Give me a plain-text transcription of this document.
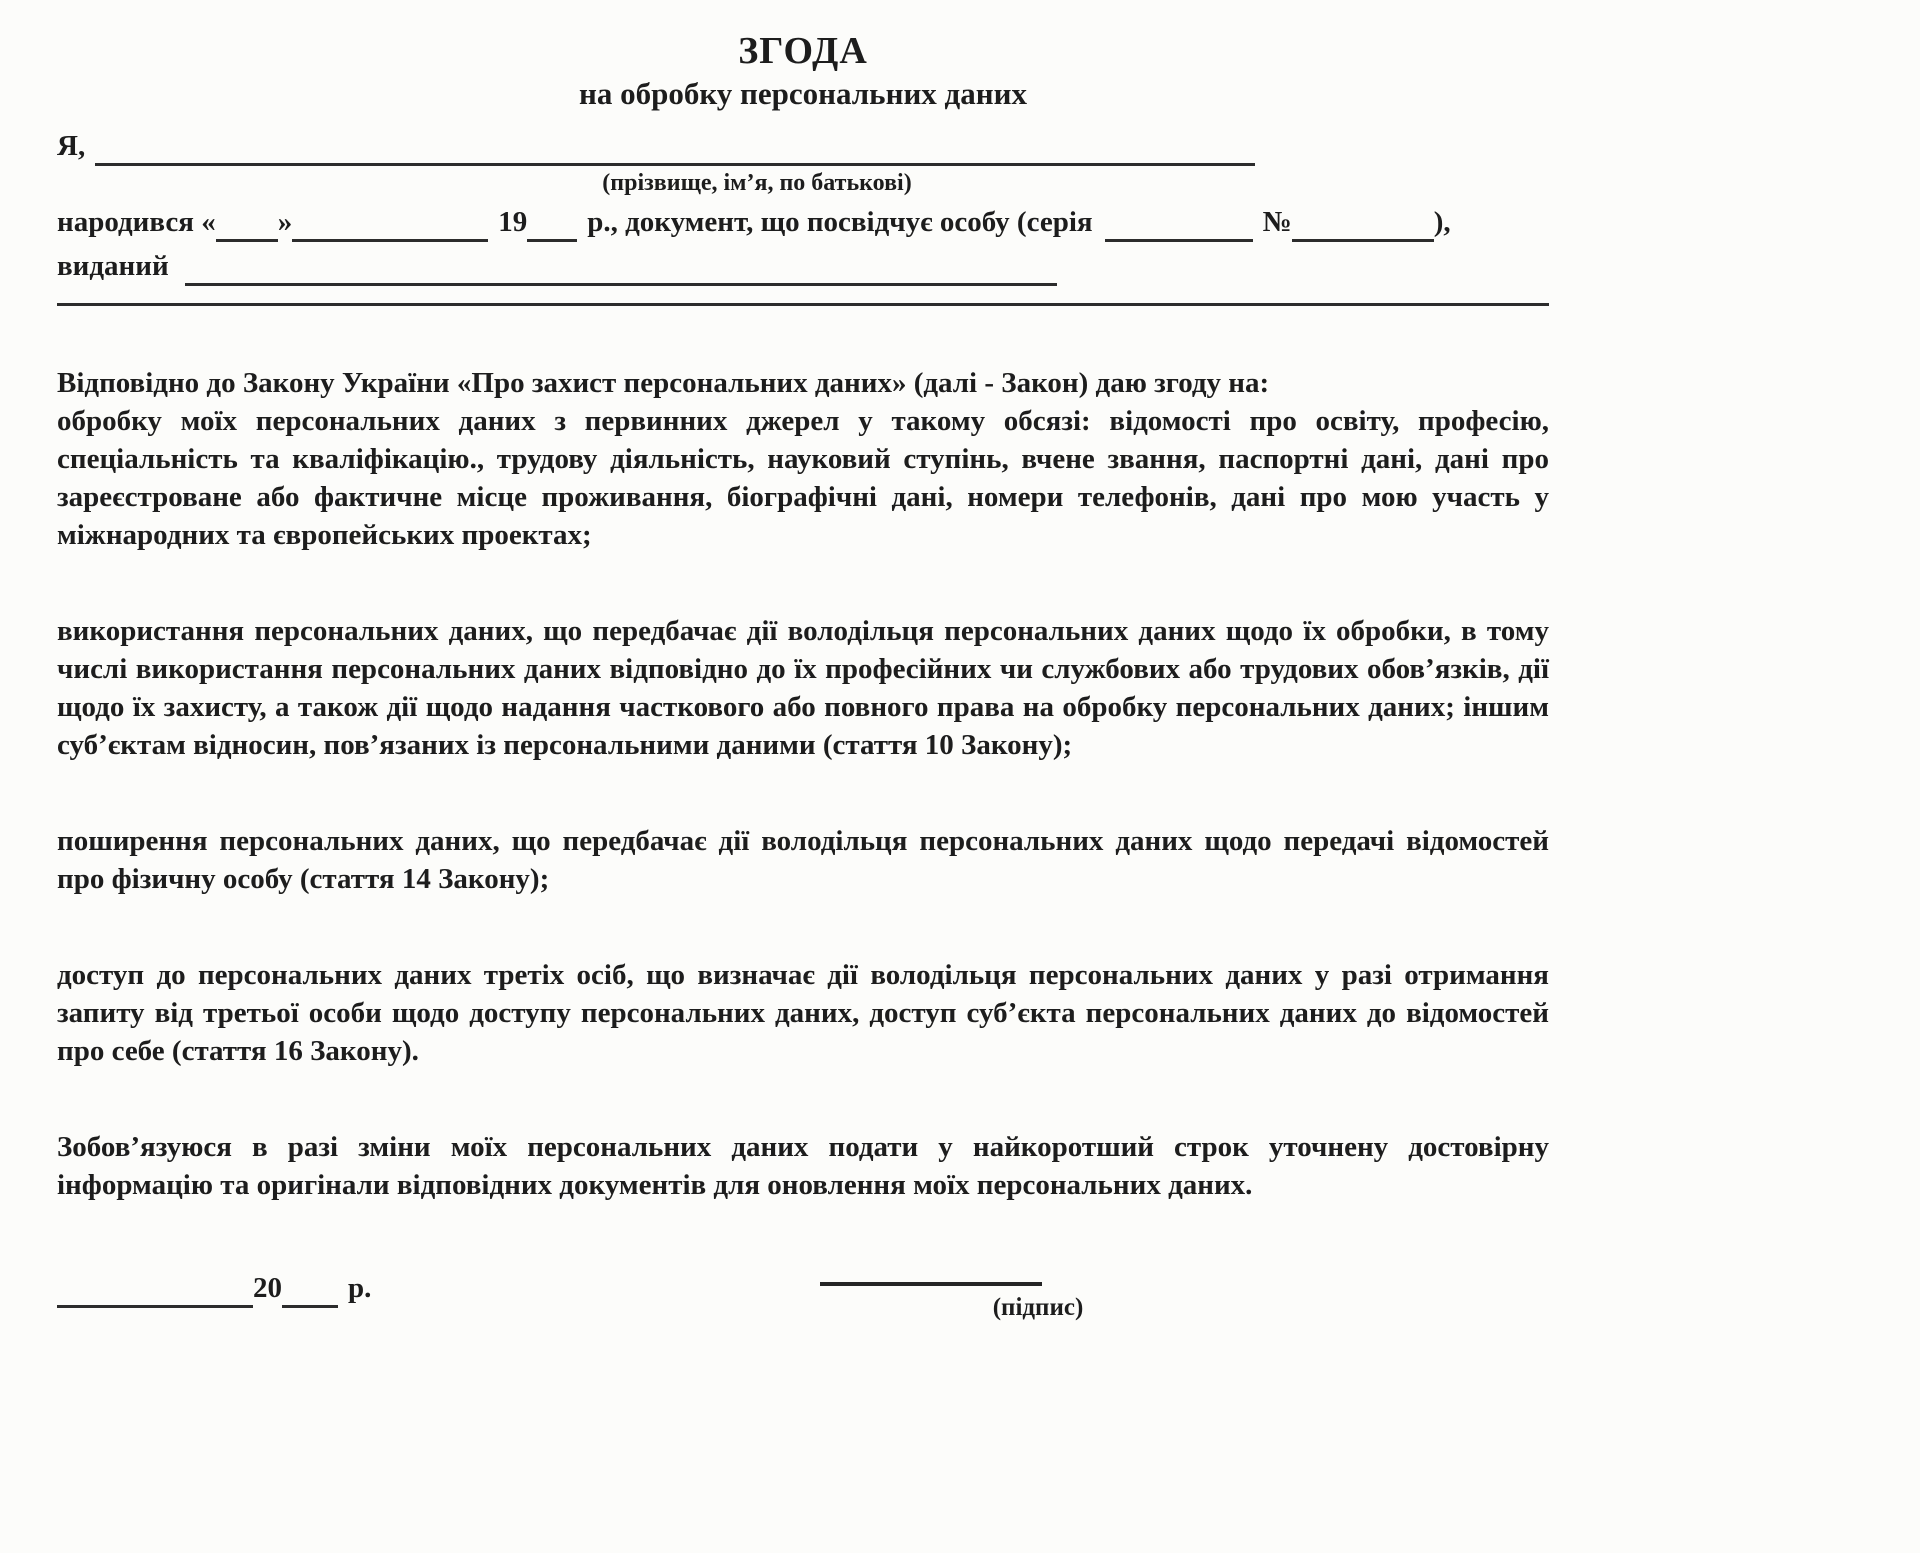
ЗГОДА
на обробку персональних даних
Я,
(прізвище, ім’я, по батькові)
народився « »	19 р., документ, що посвідчує особу (серія	№	),
виданий

Відповідно до Закону України «Про захист персональних даних» (далі - Закон) даю згоду на:

обробку моїх персональних даних з первинних джерел у такому обсязі: відомості про освіту, професію, спеціальність та кваліфікацію., трудову діяльність, науковий ступінь, вчене звання, паспортні дані, дані про зареєстроване або фактичне місце проживання, біографічні дані, номери телефонів, дані про мою участь у міжнародних та європейських проектах;

використання персональних даних, що передбачає дії володільця персональних даних щодо їх обробки, в тому числі використання персональних даних відповідно до їх професійних чи службових або трудових обов’язків, дії щодо їх захисту, а також дії щодо надання часткового або повного права на обробку персональних даних; іншим суб’єктам відносин, пов’язаних із персональними даними (стаття 10 Закону);

поширення персональних даних, що передбачає дії володільця персональних даних щодо передачі відомостей про фізичну особу (стаття 14 Закону);

доступ до персональних даних третіх осіб, що визначає дії володільця персональних даних у разі отримання запиту від третьої особи щодо доступу персональних даних, доступ суб’єкта персональних даних до відомостей про себе (стаття 16 Закону).

Зобов’язуюся в разі зміни моїх персональних даних подати у найкоротший строк уточнену достовірну інформацію та оригінали відповідних документів для оновлення моїх персональних даних.

20 р.
(підпис)
